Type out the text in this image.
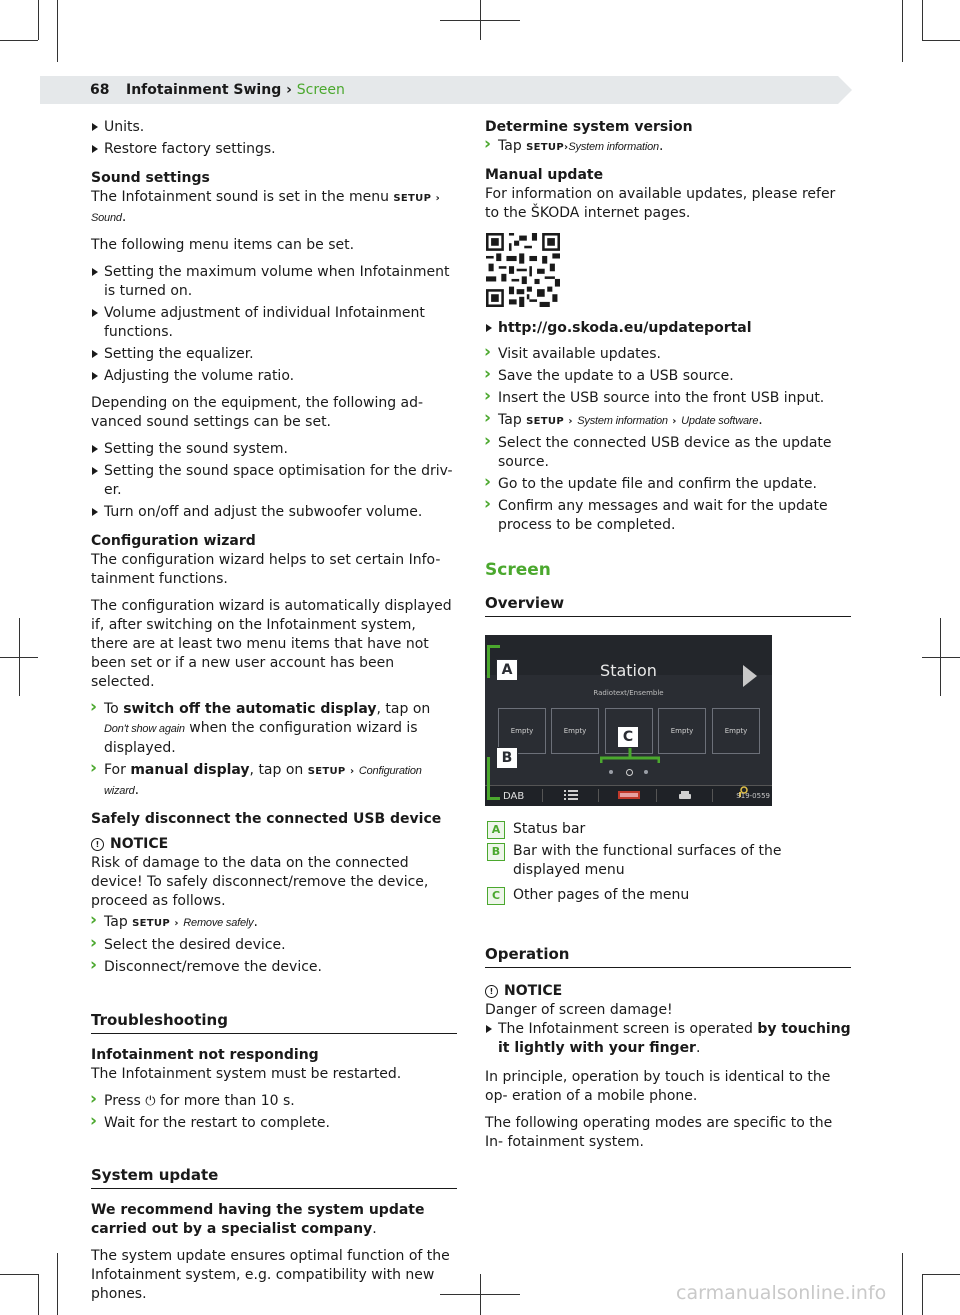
68 Infotainment Swing › Screen
Units.
Restore factory settings.
Sound settings

The Infotainment sound is set in the menu SETUP ›
Sound.

The following menu items can be set.

Setting the maximum volume when Infotainment is turned on.
Volume adjustment of individual Infotainment functions.
Setting the equalizer.
Adjusting the volume ratio.

Depending on the equipment, the following ad- vanced sound settings can be set.

Setting the sound system.
Setting the sound space optimisation for the driv- er.
Turn on/off and adjust the subwoofer volume.
Configuration wizard

The configuration wizard helps to set certain Info- tainment functions.

The configuration wizard is automatically displayed if, after switching on the Infotainment system, there are at least two menu items that have not been set or if a new user account has been selected.

› To switch off the automatic display, tap on Don't show again when the configuration wizard is displayed.
› For manual display, tap on SETUP › Configuration wizard.
Safely disconnect the connected USB device
! NOTICE
Risk of damage to the data on the connected device! To safely disconnect/remove the device, proceed as follows.
› Tap SETUP › Remove safely.
› Select the desired device.
› Disconnect/remove the device.
Troubleshooting
Infotainment not responding

The Infotainment system must be restarted.

› Press ⏻ for more than 10 s.
› Wait for the restart to complete.
System update

We recommend having the system update carried out by a specialist company.

The system update ensures optimal function of the Infotainment system, e.g. compatibility with new phones.

Determine system version
› Tap SETUP›System information.
Manual update

For information on available updates, please refer to the ŠKODA internet pages.

http://go.skoda.eu/updateportal
› Visit available updates.
› Save the update to a USB source.
› Insert the USB source into the front USB input.
› Tap SETUP › System information › Update software.
› Select the connected USB device as the update source.
› Go to the update file and confirm the update.
› Confirm any messages and wait for the update process to be completed.
Screen
Overview
Station
Radiotext/Ensemble
Empty	Empty	Empty	Empty
DAB	S19-0559
A
B
C
A Status bar
B Bar with the functional surfaces of the displayed menu
C Other pages of the menu
Operation
! NOTICE
Danger of screen damage!
The Infotainment screen is operated by touching it lightly with your finger.

In principle, operation by touch is identical to the op- eration of a mobile phone.

The following operating modes are specific to the In- fotainment system.

carmanualsonline.info
